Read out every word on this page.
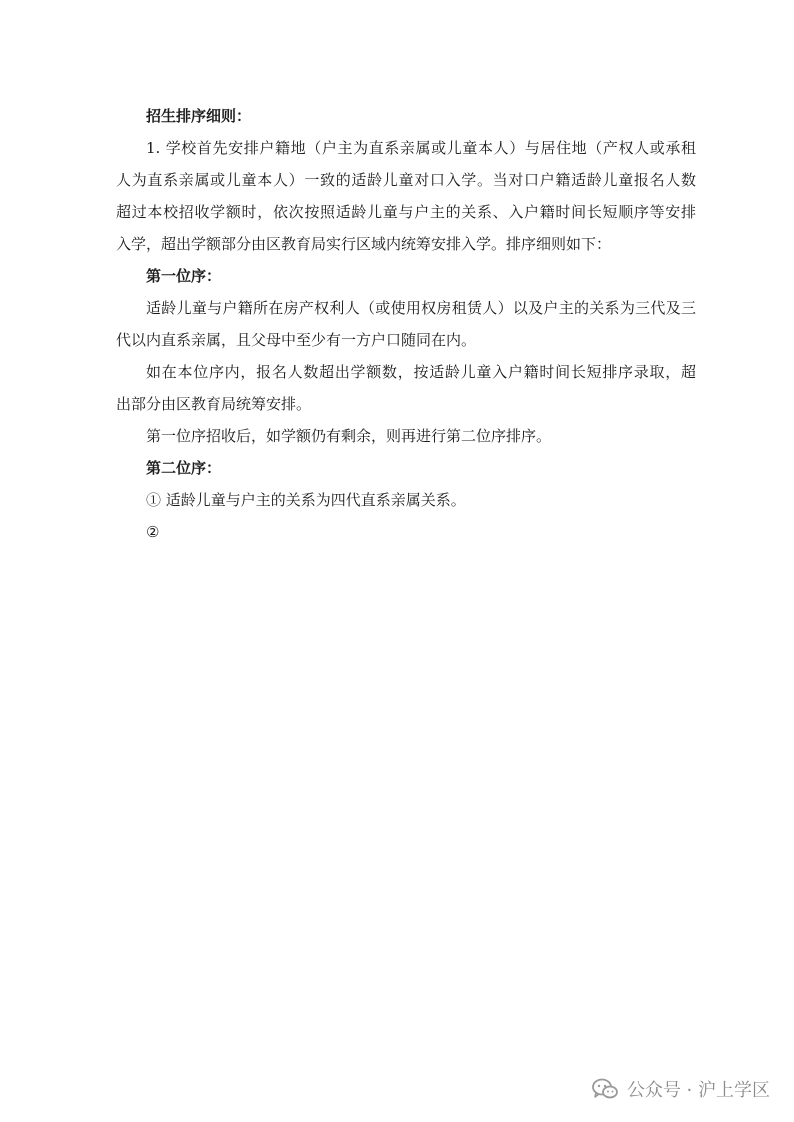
招生排序细则：

1. 学校首先安排户籍地（户主为直系亲属或儿童本人）与居住地（产权人或承租

人为直系亲属或儿童本人）一致的适龄儿童对口入学。当对口户籍适龄儿童报名人数

超过本校招收学额时，依次按照适龄儿童与户主的关系、入户籍时间长短顺序等安排

入学，超出学额部分由区教育局实行区域内统筹安排入学。排序细则如下：

第一位序：

适龄儿童与户籍所在房产权利人（或使用权房租赁人）以及户主的关系为三代及三

代以内直系亲属，且父母中至少有一方户口随同在内。

如在本位序内，报名人数超出学额数，按适龄儿童入户籍时间长短排序录取，超

出部分由区教育局统筹安排。

第一位序招收后，如学额仍有剩余，则再进行第二位序排序。

第二位序：

① 适龄儿童与户主的关系为四代直系亲属关系。

②

公众号 · 沪上学区
